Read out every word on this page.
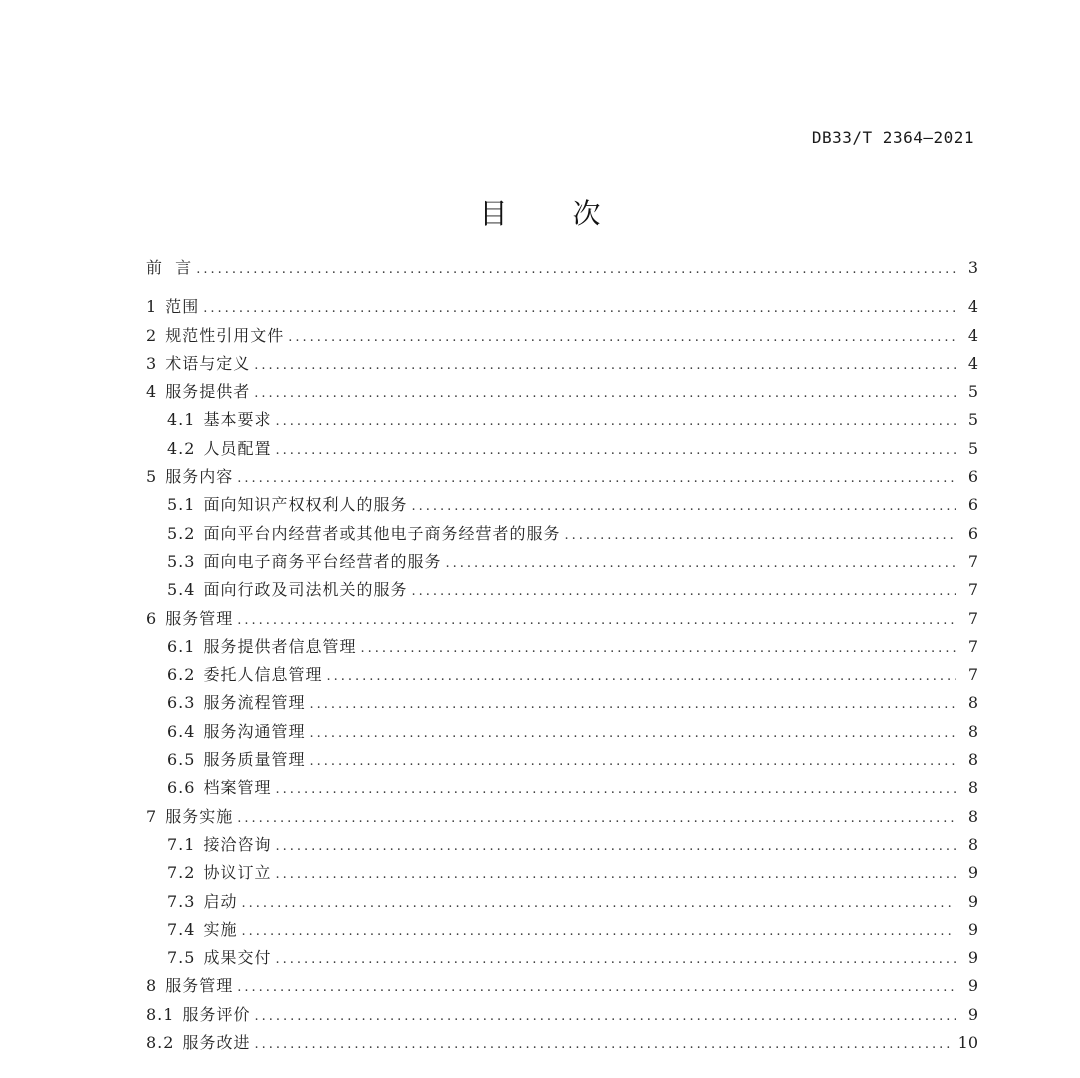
DB33/T 2364—2021
目 次
前  言 .....	3
1 范围 .....	4
2 规范性引用文件 .....	4
3 术语与定义 .....	4
4 服务提供者 .....	5
4.1 基本要求 .....	5
4.2 人员配置 .....	5
5 服务内容 .....	6
5.1 面向知识产权权利人的服务 .....	6
5.2 面向平台内经营者或其他电子商务经营者的服务 .....	6
5.3 面向电子商务平台经营者的服务 .....	7
5.4 面向行政及司法机关的服务 .....	7
6 服务管理 .....	7
6.1 服务提供者信息管理 .....	7
6.2 委托人信息管理 .....	7
6.3 服务流程管理 .....	8
6.4 服务沟通管理 .....	8
6.5 服务质量管理 .....	8
6.6 档案管理 .....	8
7 服务实施 .....	8
7.1 接洽咨询 .....	8
7.2 协议订立 .....	9
7.3 启动 .....	9
7.4 实施 .....	9
7.5 成果交付 .....	9
8 服务管理 .....	9
8.1 服务评价 .....	9
8.2 服务改进 .....	10
